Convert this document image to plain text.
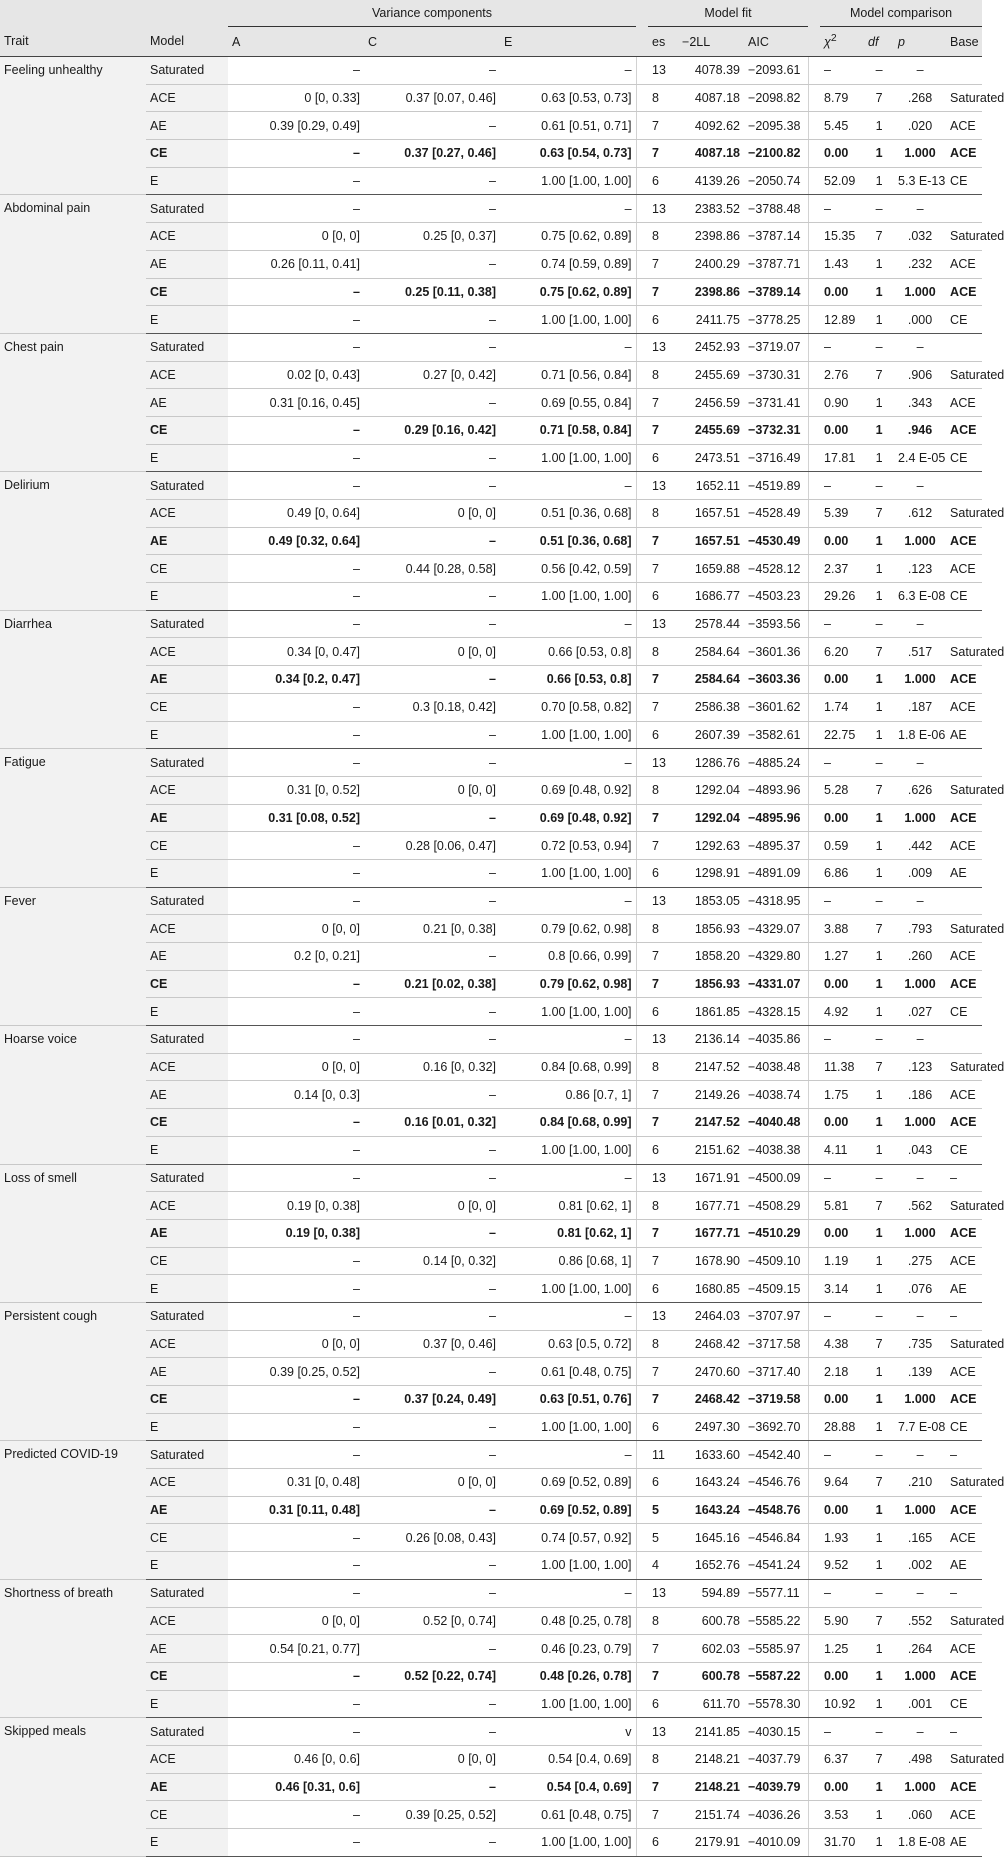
		Variance components				Model fit				Model comparison			
Trait	Model	A	C	E		es	−2LL	AIC		$\chi^2$	df	p	Base
Feeling unhealthy	Saturated	–	–	–		13	4078.39	−2093.61		–	–	–	
	ACE	0 [0, 0.33]	0.37 [0.07, 0.46]	0.63 [0.53, 0.73]		8	4087.18	−2098.82		8.79	7	.268	Saturated
	AE	0.39 [0.29, 0.49]	–	0.61 [0.51, 0.71]		7	4092.62	−2095.38		5.45	1	.020	ACE
	CE	–	0.37 [0.27, 0.46]	0.63 [0.54, 0.73]		7	4087.18	−2100.82		0.00	1	1.000	ACE
	E	–	–	1.00 [1.00, 1.00]		6	4139.26	−2050.74		52.09	1	5.3 E-13	CE
Abdominal pain	Saturated	–	–	–		13	2383.52	−3788.48		–	–	–	
	ACE	0 [0, 0]	0.25 [0, 0.37]	0.75 [0.62, 0.89]		8	2398.86	−3787.14		15.35	7	.032	Saturated
	AE	0.26 [0.11, 0.41]	–	0.74 [0.59, 0.89]		7	2400.29	−3787.71		1.43	1	.232	ACE
	CE	–	0.25 [0.11, 0.38]	0.75 [0.62, 0.89]		7	2398.86	−3789.14		0.00	1	1.000	ACE
	E	–	–	1.00 [1.00, 1.00]		6	2411.75	−3778.25		12.89	1	.000	CE
Chest pain	Saturated	–	–	–		13	2452.93	−3719.07		–	–	–	
	ACE	0.02 [0, 0.43]	0.27 [0, 0.42]	0.71 [0.56, 0.84]		8	2455.69	−3730.31		2.76	7	.906	Saturated
	AE	0.31 [0.16, 0.45]	–	0.69 [0.55, 0.84]		7	2456.59	−3731.41		0.90	1	.343	ACE
	CE	–	0.29 [0.16, 0.42]	0.71 [0.58, 0.84]		7	2455.69	−3732.31		0.00	1	.946	ACE
	E	–	–	1.00 [1.00, 1.00]		6	2473.51	−3716.49		17.81	1	2.4 E-05	CE
Delirium	Saturated	–	–	–		13	1652.11	−4519.89		–	–	–	
	ACE	0.49 [0, 0.64]	0 [0, 0]	0.51 [0.36, 0.68]		8	1657.51	−4528.49		5.39	7	.612	Saturated
	AE	0.49 [0.32, 0.64]	–	0.51 [0.36, 0.68]		7	1657.51	−4530.49		0.00	1	1.000	ACE
	CE	–	0.44 [0.28, 0.58]	0.56 [0.42, 0.59]		7	1659.88	−4528.12		2.37	1	.123	ACE
	E	–	–	1.00 [1.00, 1.00]		6	1686.77	−4503.23		29.26	1	6.3 E-08	CE
Diarrhea	Saturated	–	–	–		13	2578.44	−3593.56		–	–	–	
	ACE	0.34 [0, 0.47]	0 [0, 0]	0.66 [0.53, 0.8]		8	2584.64	−3601.36		6.20	7	.517	Saturated
	AE	0.34 [0.2, 0.47]	–	0.66 [0.53, 0.8]		7	2584.64	−3603.36		0.00	1	1.000	ACE
	CE	–	0.3 [0.18, 0.42]	0.70 [0.58, 0.82]		7	2586.38	−3601.62		1.74	1	.187	ACE
	E	–	–	1.00 [1.00, 1.00]		6	2607.39	−3582.61		22.75	1	1.8 E-06	AE
Fatigue	Saturated	–	–	–		13	1286.76	−4885.24		–	–	–	
	ACE	0.31 [0, 0.52]	0 [0, 0]	0.69 [0.48, 0.92]		8	1292.04	−4893.96		5.28	7	.626	Saturated
	AE	0.31 [0.08, 0.52]	–	0.69 [0.48, 0.92]		7	1292.04	−4895.96		0.00	1	1.000	ACE
	CE	–	0.28 [0.06, 0.47]	0.72 [0.53, 0.94]		7	1292.63	−4895.37		0.59	1	.442	ACE
	E	–	–	1.00 [1.00, 1.00]		6	1298.91	−4891.09		6.86	1	.009	AE
Fever	Saturated	–	–	–		13	1853.05	−4318.95		–	–	–	
	ACE	0 [0, 0]	0.21 [0, 0.38]	0.79 [0.62, 0.98]		8	1856.93	−4329.07		3.88	7	.793	Saturated
	AE	0.2 [0, 0.21]	–	0.8 [0.66, 0.99]		7	1858.20	−4329.80		1.27	1	.260	ACE
	CE	–	0.21 [0.02, 0.38]	0.79 [0.62, 0.98]		7	1856.93	−4331.07		0.00	1	1.000	ACE
	E	–	–	1.00 [1.00, 1.00]		6	1861.85	−4328.15		4.92	1	.027	CE
Hoarse voice	Saturated	–	–	–		13	2136.14	−4035.86		–	–	–	
	ACE	0 [0, 0]	0.16 [0, 0.32]	0.84 [0.68, 0.99]		8	2147.52	−4038.48		11.38	7	.123	Saturated
	AE	0.14 [0, 0.3]	–	0.86 [0.7, 1]		7	2149.26	−4038.74		1.75	1	.186	ACE
	CE	–	0.16 [0.01, 0.32]	0.84 [0.68, 0.99]		7	2147.52	−4040.48		0.00	1	1.000	ACE
	E	–	–	1.00 [1.00, 1.00]		6	2151.62	−4038.38		4.11	1	.043	CE
Loss of smell	Saturated	–	–	–		13	1671.91	−4500.09		–	–	–	–
	ACE	0.19 [0, 0.38]	0 [0, 0]	0.81 [0.62, 1]		8	1677.71	−4508.29		5.81	7	.562	Saturated
	AE	0.19 [0, 0.38]	–	0.81 [0.62, 1]		7	1677.71	−4510.29		0.00	1	1.000	ACE
	CE	–	0.14 [0, 0.32]	0.86 [0.68, 1]		7	1678.90	−4509.10		1.19	1	.275	ACE
	E	–	–	1.00 [1.00, 1.00]		6	1680.85	−4509.15		3.14	1	.076	AE
Persistent cough	Saturated	–	–	–		13	2464.03	−3707.97		–	–	–	–
	ACE	0 [0, 0]	0.37 [0, 0.46]	0.63 [0.5, 0.72]		8	2468.42	−3717.58		4.38	7	.735	Saturated
	AE	0.39 [0.25, 0.52]	–	0.61 [0.48, 0.75]		7	2470.60	−3717.40		2.18	1	.139	ACE
	CE	–	0.37 [0.24, 0.49]	0.63 [0.51, 0.76]		7	2468.42	−3719.58		0.00	1	1.000	ACE
	E	–	–	1.00 [1.00, 1.00]		6	2497.30	−3692.70		28.88	1	7.7 E-08	CE
Predicted COVID-19	Saturated	–	–	–		11	1633.60	−4542.40		–	–	–	–
	ACE	0.31 [0, 0.48]	0 [0, 0]	0.69 [0.52, 0.89]		6	1643.24	−4546.76		9.64	7	.210	Saturated
	AE	0.31 [0.11, 0.48]	–	0.69 [0.52, 0.89]		5	1643.24	−4548.76		0.00	1	1.000	ACE
	CE	–	0.26 [0.08, 0.43]	0.74 [0.57, 0.92]		5	1645.16	−4546.84		1.93	1	.165	ACE
	E	–	–	1.00 [1.00, 1.00]		4	1652.76	−4541.24		9.52	1	.002	AE
Shortness of breath	Saturated	–	–	–		13	594.89	−5577.11		–	–	–	–
	ACE	0 [0, 0]	0.52 [0, 0.74]	0.48 [0.25, 0.78]		8	600.78	−5585.22		5.90	7	.552	Saturated
	AE	0.54 [0.21, 0.77]	–	0.46 [0.23, 0.79]		7	602.03	−5585.97		1.25	1	.264	ACE
	CE	–	0.52 [0.22, 0.74]	0.48 [0.26, 0.78]		7	600.78	−5587.22		0.00	1	1.000	ACE
	E	–	–	1.00 [1.00, 1.00]		6	611.70	−5578.30		10.92	1	.001	CE
Skipped meals	Saturated	–	–	v		13	2141.85	−4030.15		–	–	–	–
	ACE	0.46 [0, 0.6]	0 [0, 0]	0.54 [0.4, 0.69]		8	2148.21	−4037.79		6.37	7	.498	Saturated
	AE	0.46 [0.31, 0.6]	–	0.54 [0.4, 0.69]		7	2148.21	−4039.79		0.00	1	1.000	ACE
	CE	–	0.39 [0.25, 0.52]	0.61 [0.48, 0.75]		7	2151.74	−4036.26		3.53	1	.060	ACE
	E	–	–	1.00 [1.00, 1.00]		6	2179.91	−4010.09		31.70	1	1.8 E-08	AE
